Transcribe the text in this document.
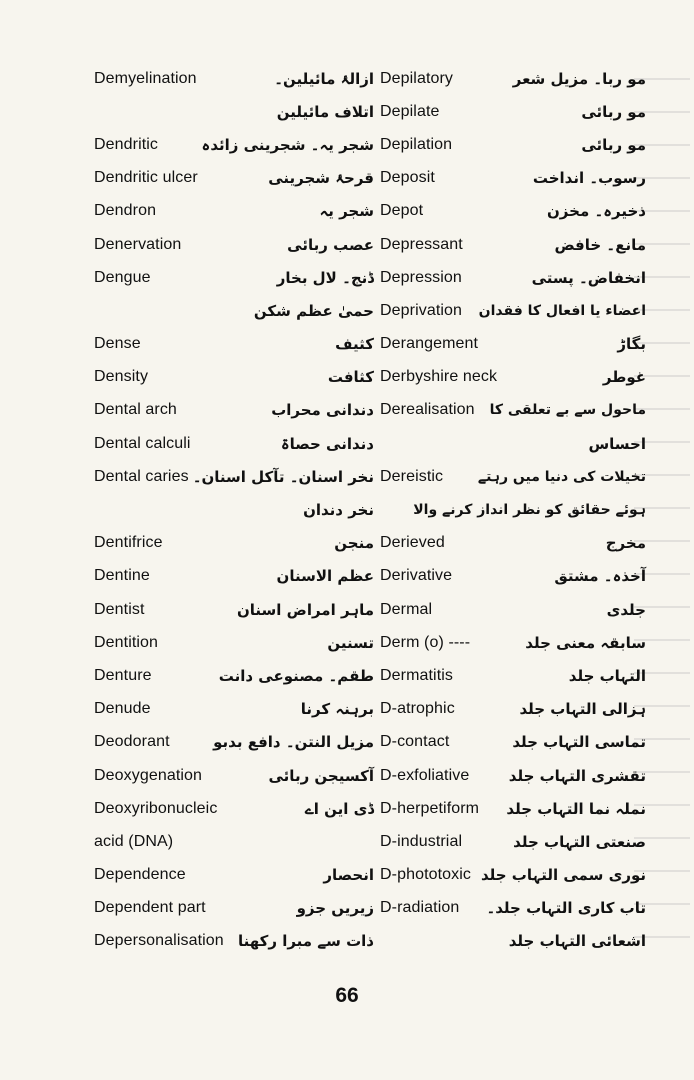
Demyelination	ازالۂ مائیلین۔
اتلاف مائیلین
Dendritic	شجر یہ۔ شجرینی زائدہ
Dendritic ulcer	قرحۂ شجرینی
Dendron	شجر یہ
Denervation	عصب ربائی
Dengue	ڈنج۔ لال بخار
حمیٰ عظم شکن
Dense	کثیف
Density	کثافت
Dental arch	دندانی محراب
Dental calculi	دندانی حصاۃ
Dental caries نخر اسنان۔ تآکل اسنان۔
نخر دندان
Dentifrice	منجن
Dentine	عظم الاسنان
Dentist	ماہر امراض اسنان
Dentition	تسنین
Denture	طقم۔ مصنوعی دانت
Denude	برہنہ کرنا
Deodorant	مزیل النتن۔ دافع بدبو
Deoxygenation	آکسیجن ربائی
Deoxyribonucleic	ڈی این اے
acid (DNA)
Dependence	انحصار
Dependent part	زیریں جزو
Depersonalisation ذات سے مبرا رکھنا
Depilatory	مو ربا۔ مزیل شعر
Depilate	مو ربائی
Depilation	مو ربائی
Deposit	رسوب۔ انداخت
Depot	ذخیرہ۔ مخزن
Depressant	مانع۔ خافض
Depression	انخفاض۔ پستی
Deprivation اعضاء یا افعال کا فقدان
Derangement	بگاڑ
Derbyshire neck	غوطر
Derealisation ماحول سے بے تعلقی کا
احساس
Dereistic تخیلات کی دنیا میں رہتے
ہوئے حقائق کو نظر انداز کرنے والا
Derieved	مخرج
Derivative	آخذہ۔ مشتق
Dermal	جلدی
Derm (o) ----	سابقہ معنی جلد
Dermatitis	التہاب جلد
D-atrophic	ہزالی التہاب جلد
D-contact	تماسی التہاب جلد
D-exfoliative	تقشری التہاب جلد
D-herpetiform نملہ نما التہاب جلد
D-industrial	صنعتی التہاب جلد
D-phototoxic نوری سمی التہاب جلد
D-radiation تاب کاری التہاب جلد۔
اشعائی التہاب جلد
66
